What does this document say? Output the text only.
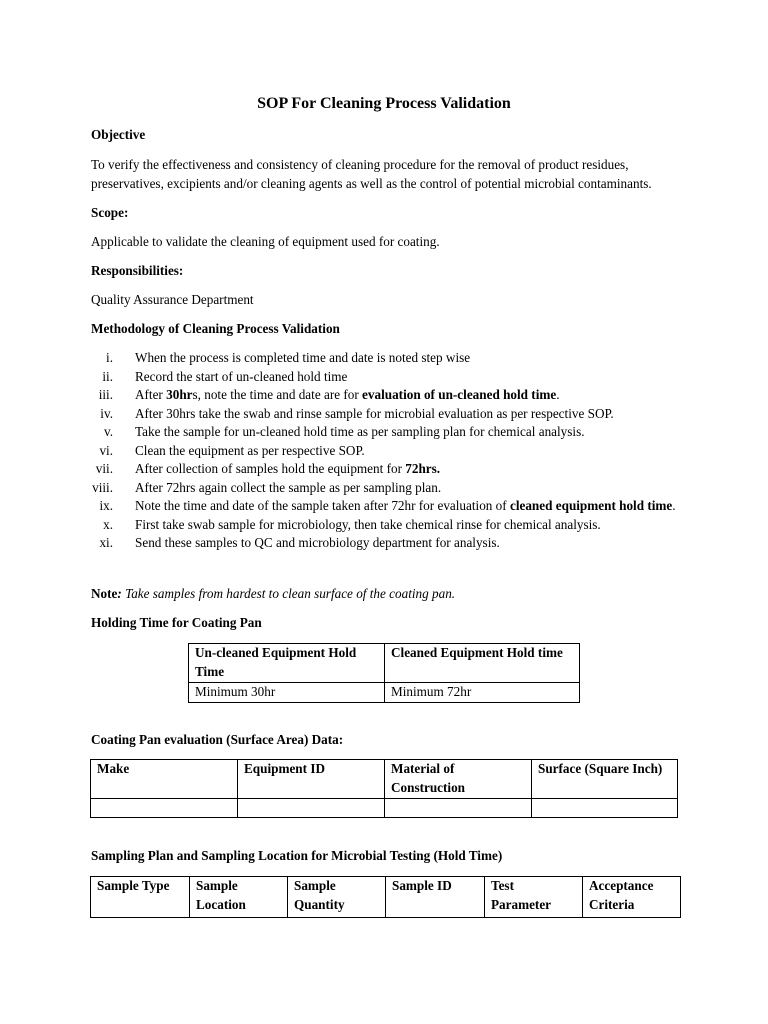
SOP For Cleaning Process Validation
Objective
To verify the effectiveness and consistency of cleaning procedure for the removal of product residues, preservatives, excipients and/or cleaning agents as well as the control of potential microbial contaminants.
Scope:
Applicable to validate the cleaning of equipment used for coating.
Responsibilities:
Quality Assurance Department
Methodology of Cleaning Process Validation
i. When the process is completed time and date is noted step wise
ii. Record the start of un-cleaned hold time
iii. After 30hrs, note the time and date are for evaluation of un-cleaned hold time.
iv. After 30hrs take the swab and rinse sample for microbial evaluation as per respective SOP.
v. Take the sample for un-cleaned hold time as per sampling plan for chemical analysis.
vi. Clean the equipment as per respective SOP.
vii. After collection of samples hold the equipment for 72hrs.
viii. After 72hrs again collect the sample as per sampling plan.
ix. Note the time and date of the sample taken after 72hr for evaluation of cleaned equipment hold time.
x. First take swab sample for microbiology, then take chemical rinse for chemical analysis.
xi. Send these samples to QC and microbiology department for analysis.
Note: Take samples from hardest to clean surface of the coating pan.
Holding Time for Coating Pan
Un-cleaned Equipment Hold Time	Cleaned Equipment Hold time
Minimum 30hr	Minimum 72hr
Coating Pan evaluation (Surface Area) Data:
Make	Equipment ID	Material of Construction	Surface (Square Inch)

Sampling Plan and Sampling Location for Microbial Testing (Hold Time)
Sample Type	Sample Location	Sample Quantity	Sample ID	Test Parameter	Acceptance Criteria
